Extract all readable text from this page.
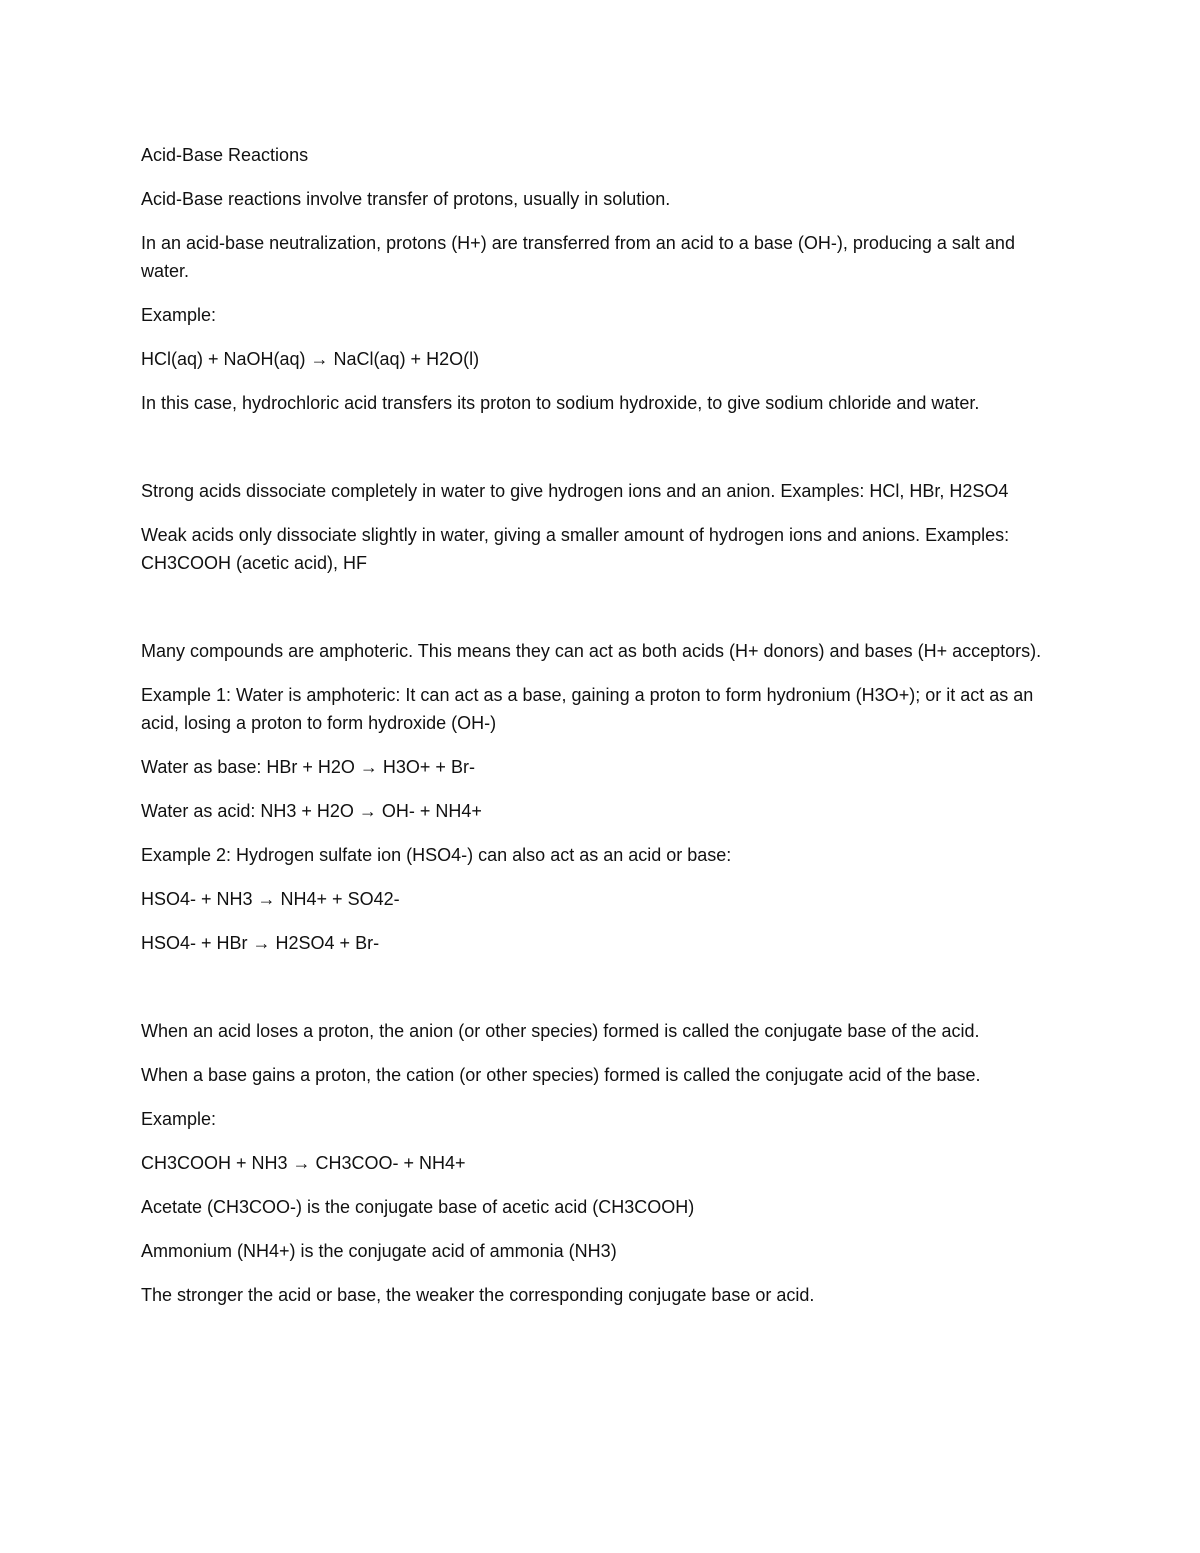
Acid-Base Reactions

Acid-Base reactions involve transfer of protons, usually in solution.

In an acid-base neutralization, protons (H+) are transferred from an acid to a base (OH-), producing a salt and water.

Example:

HCl(aq) + NaOH(aq) → NaCl(aq) + H2O(l)

In this case, hydrochloric acid transfers its proton to sodium hydroxide, to give sodium chloride and water.

Strong acids dissociate completely in water to give hydrogen ions and an anion. Examples: HCl, HBr, H2SO4

Weak acids only dissociate slightly in water, giving a smaller amount of hydrogen ions and anions. Examples: CH3COOH (acetic acid), HF

Many compounds are amphoteric. This means they can act as both acids (H+ donors) and bases (H+ acceptors).

Example 1: Water is amphoteric: It can act as a base, gaining a proton to form hydronium (H3O+); or it act as an acid, losing a proton to form hydroxide (OH-)

Water as base: HBr + H2O → H3O+ + Br-

Water as acid: NH3 + H2O → OH- + NH4+

Example 2: Hydrogen sulfate ion (HSO4-) can also act as an acid or base:

HSO4- + NH3 → NH4+ + SO42-

HSO4- + HBr → H2SO4 + Br-

When an acid loses a proton, the anion (or other species) formed is called the conjugate base of the acid.

When a base gains a proton, the cation (or other species) formed is called the conjugate acid of the base.

Example:

CH3COOH + NH3 → CH3COO- + NH4+

Acetate (CH3COO-) is the conjugate base of acetic acid (CH3COOH)

Ammonium (NH4+) is the conjugate acid of ammonia (NH3)

The stronger the acid or base, the weaker the corresponding conjugate base or acid.
